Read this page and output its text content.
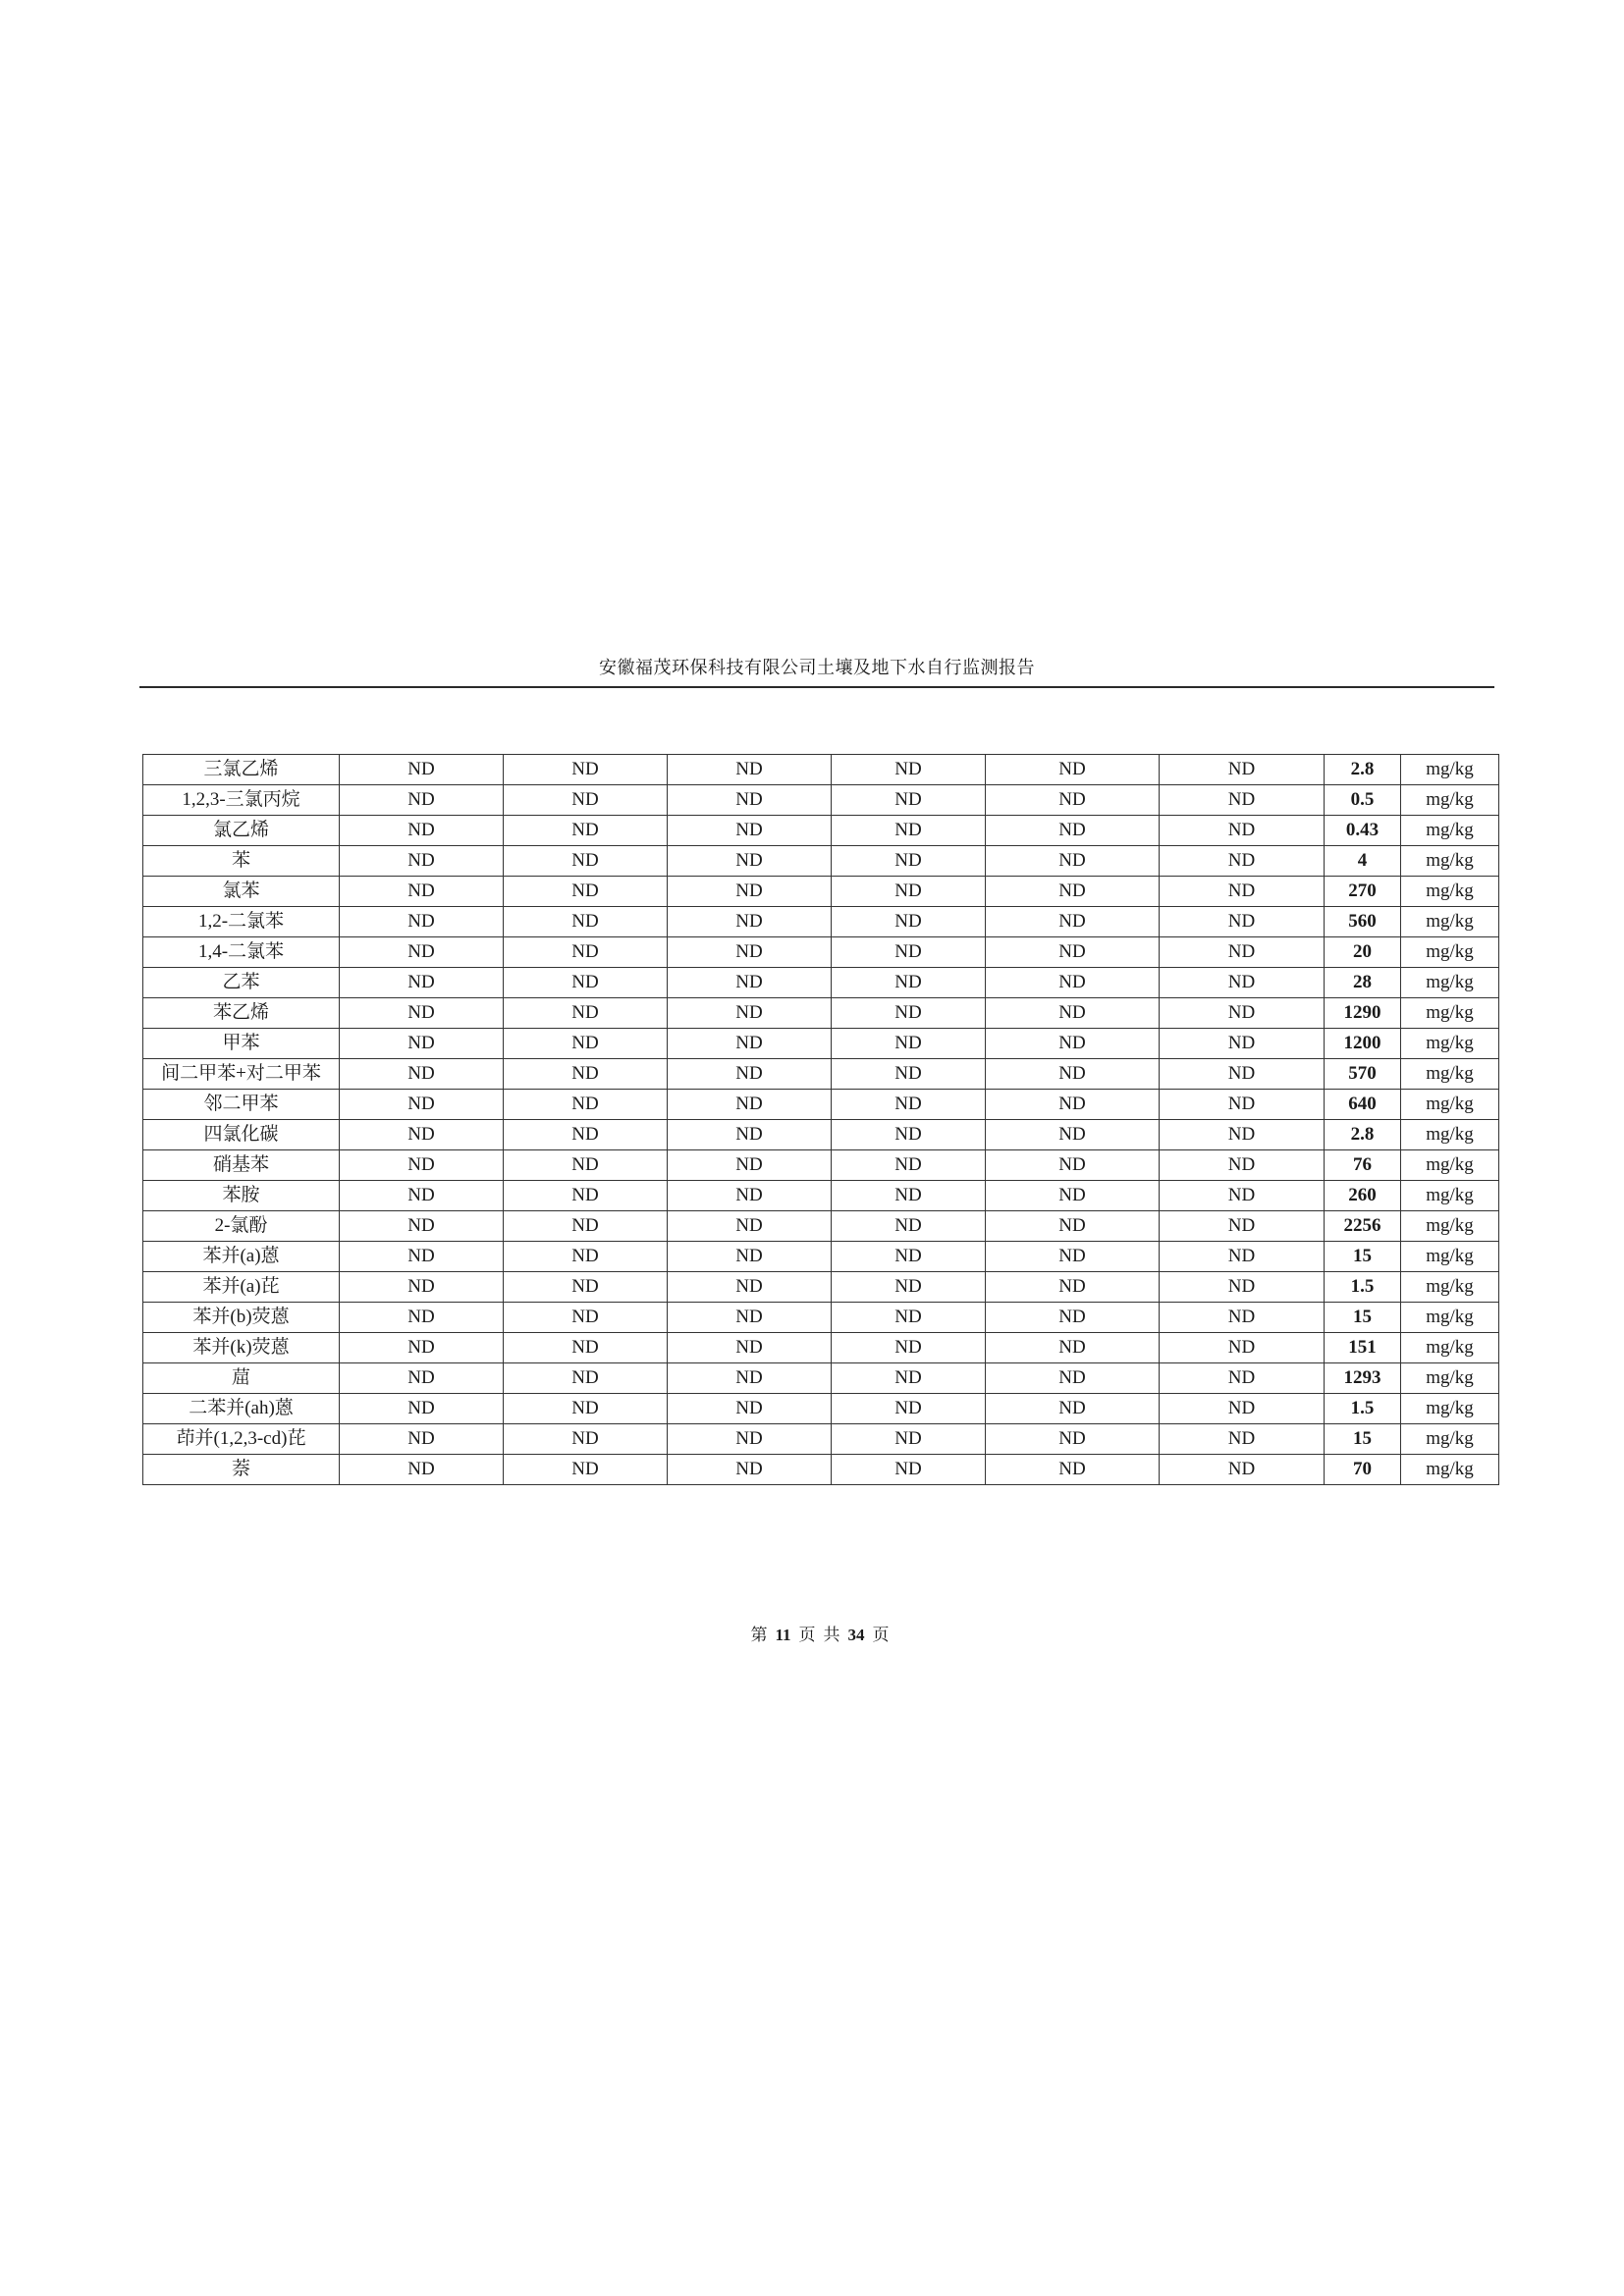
安徽福茂环保科技有限公司土壤及地下水自行监测报告
三氯乙烯	ND	ND	ND	ND	ND	ND	2.8	mg/kg
1,2,3-三氯丙烷	ND	ND	ND	ND	ND	ND	0.5	mg/kg
氯乙烯	ND	ND	ND	ND	ND	ND	0.43	mg/kg
苯	ND	ND	ND	ND	ND	ND	4	mg/kg
氯苯	ND	ND	ND	ND	ND	ND	270	mg/kg
1,2-二氯苯	ND	ND	ND	ND	ND	ND	560	mg/kg
1,4-二氯苯	ND	ND	ND	ND	ND	ND	20	mg/kg
乙苯	ND	ND	ND	ND	ND	ND	28	mg/kg
苯乙烯	ND	ND	ND	ND	ND	ND	1290	mg/kg
甲苯	ND	ND	ND	ND	ND	ND	1200	mg/kg
间二甲苯+对二甲苯	ND	ND	ND	ND	ND	ND	570	mg/kg
邻二甲苯	ND	ND	ND	ND	ND	ND	640	mg/kg
四氯化碳	ND	ND	ND	ND	ND	ND	2.8	mg/kg
硝基苯	ND	ND	ND	ND	ND	ND	76	mg/kg
苯胺	ND	ND	ND	ND	ND	ND	260	mg/kg
2-氯酚	ND	ND	ND	ND	ND	ND	2256	mg/kg
苯并(a)蒽	ND	ND	ND	ND	ND	ND	15	mg/kg
苯并(a)芘	ND	ND	ND	ND	ND	ND	1.5	mg/kg
苯并(b)荧蒽	ND	ND	ND	ND	ND	ND	15	mg/kg
苯并(k)荧蒽	ND	ND	ND	ND	ND	ND	151	mg/kg
䓛	ND	ND	ND	ND	ND	ND	1293	mg/kg
二苯并(ah)蒽	ND	ND	ND	ND	ND	ND	1.5	mg/kg
茚并(1,2,3-cd)芘	ND	ND	ND	ND	ND	ND	15	mg/kg
萘	ND	ND	ND	ND	ND	ND	70	mg/kg
第 11 页 共 34 页
